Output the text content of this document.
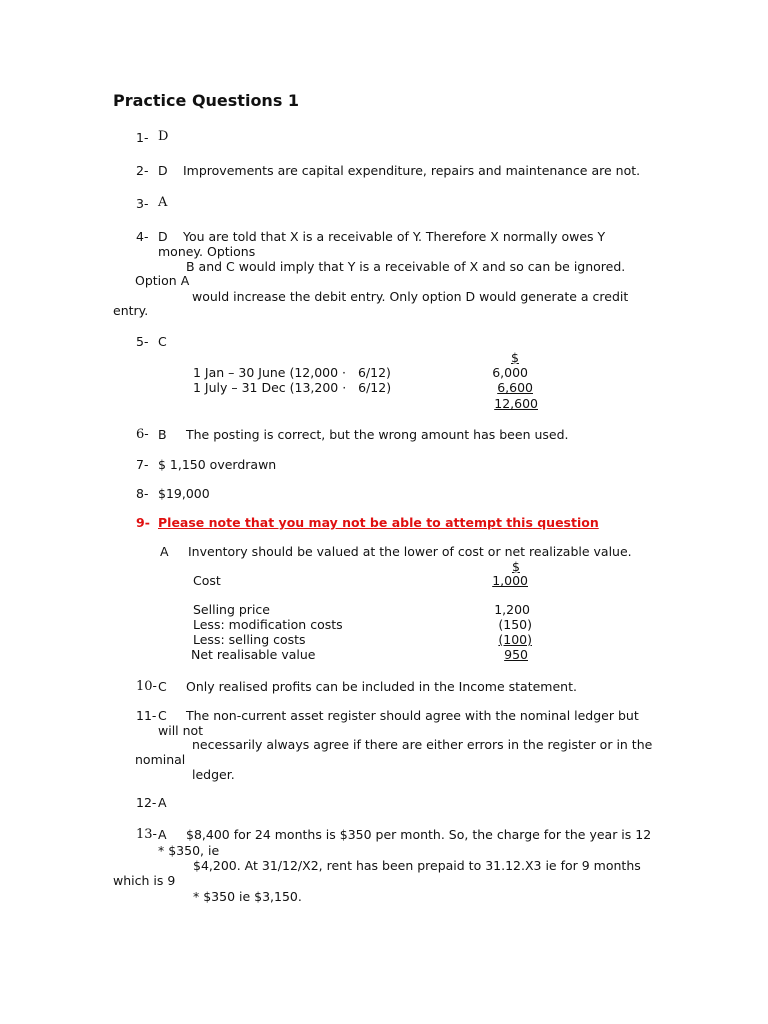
Practice Questions 1
1- D
2- D Improvements are capital expenditure, repairs and maintenance are not.
3- A
4- D You are told that X is a receivable of Y. Therefore X normally owes Y
money. Options
B and C would imply that Y is a receivable of X and so can be ignored.
Option A
would increase the debit entry. Only option D would generate a credit
entry.
5- C
$
1 Jan – 30 June (12,000 ·   6/12)	6,000
1 July – 31 Dec (13,200 ·   6/12)	6,600
12,600
6- B The posting is correct, but the wrong amount has been used.
7- $ 1,150 overdrawn
8- $19,000
9- Please note that you may not be able to attempt this question
A Inventory should be valued at the lower of cost or net realizable value.
$
Cost	1,000
Selling price	1,200
Less: modification costs	(150)
Less: selling costs	(100)
Net realisable value	950
10- C Only realised profits can be included in the Income statement.
11- C The non-current asset register should agree with the nominal ledger but
will not
necessarily always agree if there are either errors in the register or in the
nominal
ledger.
12- A
13- A $8,400 for 24 months is $350 per month. So, the charge for the year is 12
* $350, ie
$4,200. At 31/12/X2, rent has been prepaid to 31.12.X3 ie for 9 months
which is 9
* $350 ie $3,150.
